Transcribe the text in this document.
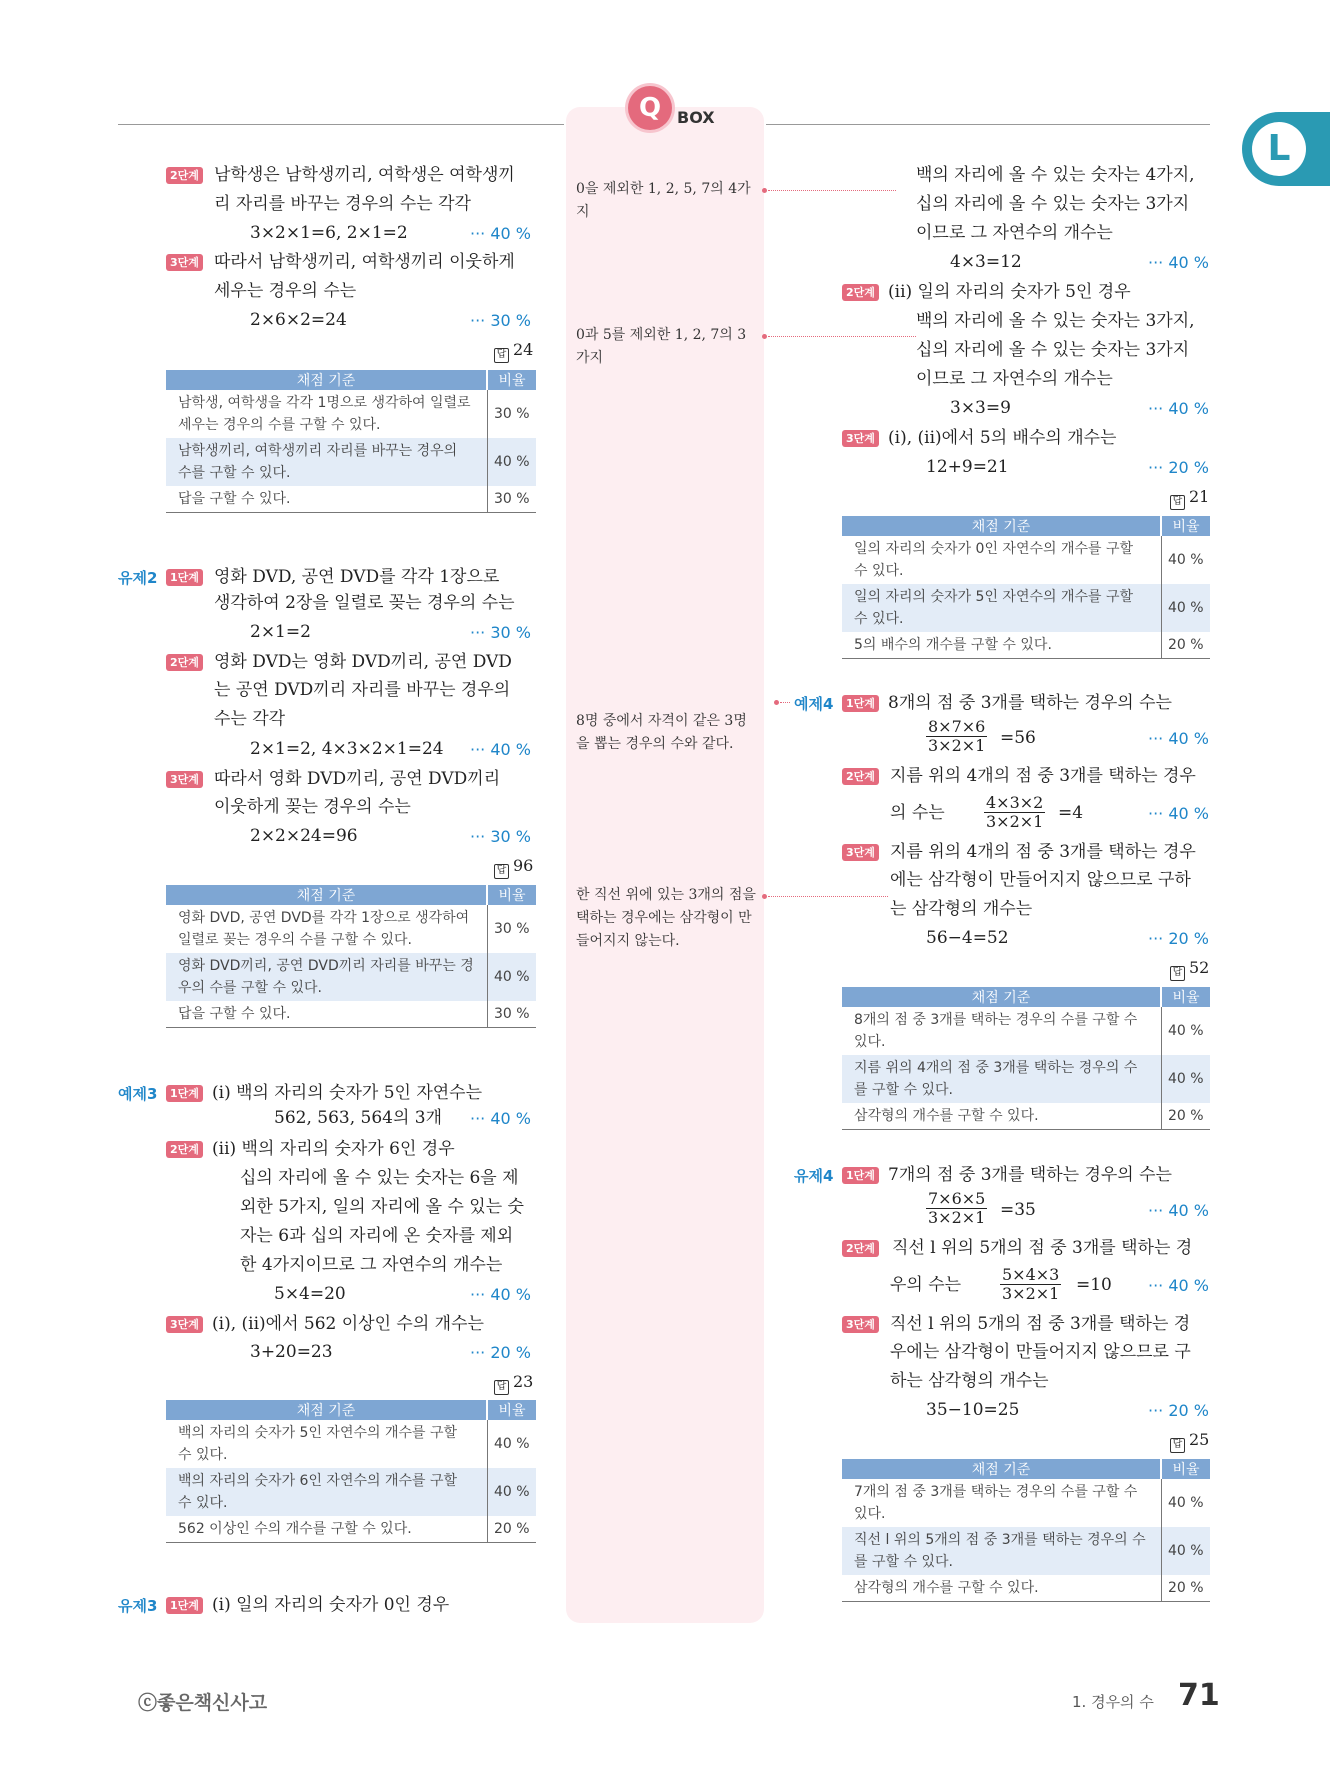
Q BOX
L
2단계 남학생은 남학생끼리, 여학생은 여학생끼
리 자리를 바꾸는 경우의 수는 각각
3×2×1=6, 2×1=2	··· 40 %
3단계 따라서 남학생끼리, 여학생끼리 이웃하게
세우는 경우의 수는
2×6×2=24	··· 30 %
답 24
채점 기준	비율
남학생, 여학생을 각각 1명으로 생각하여 일렬로 세우는 경우의 수를 구할 수 있다.	30 %
남학생끼리, 여학생끼리 자리를 바꾸는 경우의 수를 구할 수 있다.	40 %
답을 구할 수 있다.	30 %
유제2	1단계 영화 DVD, 공연 DVD를 각각 1장으로
생각하여 2장을 일렬로 꽂는 경우의 수는
2×1=2	··· 30 %
2단계 영화 DVD는 영화 DVD끼리, 공연 DVD
는 공연 DVD끼리 자리를 바꾸는 경우의
수는 각각
2×1=2, 4×3×2×1=24 ··· 40 %
3단계 따라서 영화 DVD끼리, 공연 DVD끼리
이웃하게 꽂는 경우의 수는
2×2×24=96	··· 30 %
답 96
채점 기준	비율
영화 DVD, 공연 DVD를 각각 1장으로 생각하여 일렬로 꽂는 경우의 수를 구할 수 있다.	30 %
영화 DVD끼리, 공연 DVD끼리 자리를 바꾸는 경우의 수를 구할 수 있다.	40 %
답을 구할 수 있다.	30 %
예제3	1단계 (i) 백의 자리의 숫자가 5인 자연수는
562, 563, 564의 3개 ··· 40 %
2단계 (ii) 백의 자리의 숫자가 6인 경우
십의 자리에 올 수 있는 숫자는 6을 제
외한 5가지, 일의 자리에 올 수 있는 숫
자는 6과 십의 자리에 온 숫자를 제외
한 4가지이므로 그 자연수의 개수는
5×4=20	··· 40 %
3단계 (i), (ii)에서 562 이상인 수의 개수는
3+20=23	··· 20 %
답 23
채점 기준	비율
백의 자리의 숫자가 5인 자연수의 개수를 구할 수 있다.	40 %
백의 자리의 숫자가 6인 자연수의 개수를 구할 수 있다.	40 %
562 이상인 수의 개수를 구할 수 있다.	20 %
유제3	1단계 (i) 일의 자리의 숫자가 0인 경우
0을 제외한 1, 2, 5, 7의 4가지
0과 5를 제외한 1, 2, 7의 3가지
8명 중에서 자격이 같은 3명을 뽑는 경우의 수와 같다.
한 직선 위에 있는 3개의 점을 택하는 경우에는 삼각형이 만들어지지 않는다.
백의 자리에 올 수 있는 숫자는 4가지,
십의 자리에 올 수 있는 숫자는 3가지
이므로 그 자연수의 개수는
4×3=12	··· 40 %
2단계 (ii) 일의 자리의 숫자가 5인 경우
백의 자리에 올 수 있는 숫자는 3가지,
십의 자리에 올 수 있는 숫자는 3가지
이므로 그 자연수의 개수는
3×3=9	··· 40 %
3단계 (i), (ii)에서 5의 배수의 개수는
12+9=21	··· 20 %
답 21
채점 기준	비율
일의 자리의 숫자가 0인 자연수의 개수를 구할 수 있다.	40 %
일의 자리의 숫자가 5인 자연수의 개수를 구할 수 있다.	40 %
5의 배수의 개수를 구할 수 있다.	20 %
예제4	1단계 8개의 점 중 3개를 택하는 경우의 수는
$\frac{8\times 7\times 6}{3\times 2\times 1} =56$	··· 40 %
2단계 지름 위의 4개의 점 중 3개를 택하는 경우
의 수는 $\frac{4\times 3\times 2}{3\times 2\times 1} =4$	··· 40 %
3단계 지름 위의 4개의 점 중 3개를 택하는 경우
에는 삼각형이 만들어지지 않으므로 구하
는 삼각형의 개수는
56−4=52	··· 20 %
답 52
채점 기준	비율
8개의 점 중 3개를 택하는 경우의 수를 구할 수 있다.	40 %
지름 위의 4개의 점 중 3개를 택하는 경우의 수를 구할 수 있다.	40 %
삼각형의 개수를 구할 수 있다.	20 %
유제4	1단계 7개의 점 중 3개를 택하는 경우의 수는
$\frac{7\times 6\times 5}{3\times 2\times 1} =35$	··· 40 %
2단계 직선 l 위의 5개의 점 중 3개를 택하는 경
우의 수는 $\frac{5\times 4\times 3}{3\times 2\times 1} =10$ ··· 40 %
3단계 직선 l 위의 5개의 점 중 3개를 택하는 경
우에는 삼각형이 만들어지지 않으므로 구
하는 삼각형의 개수는
35−10=25	··· 20 %
답 25
채점 기준	비율
7개의 점 중 3개를 택하는 경우의 수를 구할 수 있다.	40 %
직선 l 위의 5개의 점 중 3개를 택하는 경우의 수를 구할 수 있다.	40 %
삼각형의 개수를 구할 수 있다.	20 %
ⓒ좋은책신사고	1. 경우의 수 71
